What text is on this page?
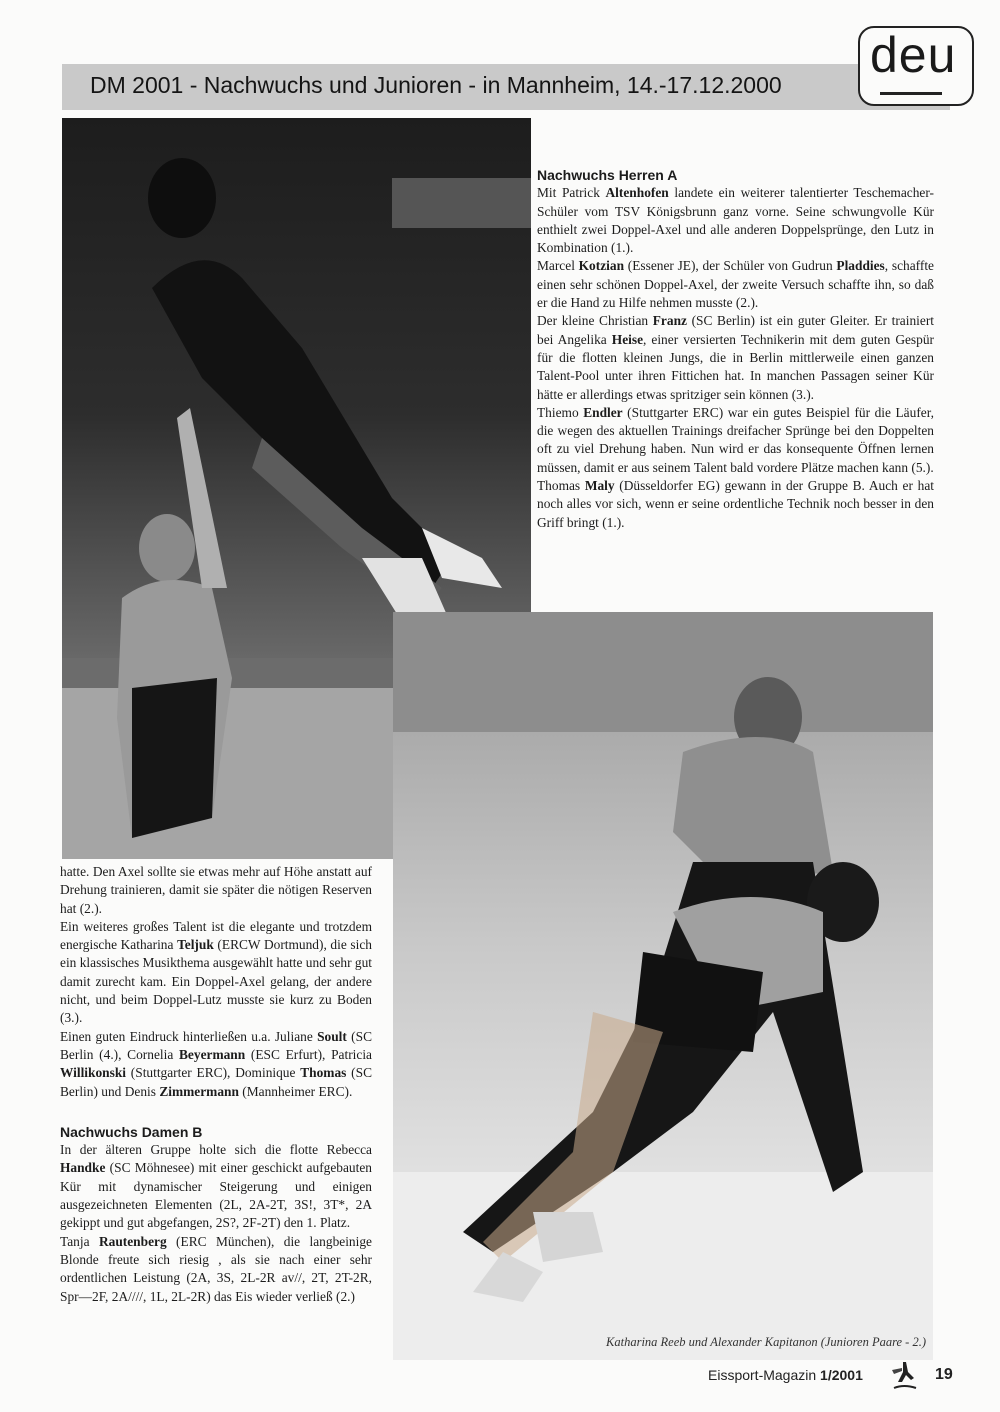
DM 2001 - Nachwuchs und Junioren - in Mannheim, 14.-17.12.2000
deu

Nachwuchs Herren A

Mit Patrick Altenhofen landete ein weiterer talentierter Teschemacher-Schüler vom TSV Königsbrunn ganz vorne. Seine schwungvolle Kür enthielt zwei Doppel-Axel und alle anderen Doppelsprünge, den Lutz in Kombination (1.).

Marcel Kotzian (Essener JE), der Schüler von Gudrun Pladdies, schaffte einen sehr schönen Doppel-Axel, der zweite Versuch schaffte ihn, so daß er die Hand zu Hilfe nehmen musste (2.).

Der kleine Christian Franz (SC Berlin) ist ein guter Gleiter. Er trainiert bei Angelika Heise, einer versierten Technikerin mit dem guten Gespür für die flotten kleinen Jungs, die in Berlin mittlerweile einen ganzen Talent-Pool unter ihren Fittichen hat. In manchen Passagen seiner Kür hätte er allerdings etwas spritziger sein können (3.).

Thiemo Endler (Stuttgarter ERC) war ein gutes Beispiel für die Läufer, die wegen des aktuellen Trainings dreifacher Sprünge bei den Doppelten oft zu viel Drehung haben. Nun wird er das konsequente Öffnen lernen müssen, damit er aus seinem Talent bald vordere Plätze machen kann (5.).

Thomas Maly (Düsseldorfer EG) gewann in der Gruppe B. Auch er hat noch alles vor sich, wenn er seine ordentliche Technik noch besser in den Griff bringt (1.).

hatte. Den Axel sollte sie etwas mehr auf Höhe anstatt auf Drehung trainieren, damit sie später die nötigen Reserven hat (2.).

Ein weiteres großes Talent ist die elegante und trotzdem energische Katharina Teljuk (ERCW Dortmund), die sich ein klassisches Musikthema ausgewählt hatte und sehr gut damit zurecht kam. Ein Doppel-Axel gelang, der andere nicht, und beim Doppel-Lutz musste sie kurz zu Boden (3.).

Einen guten Eindruck hinterließen u.a. Juliane Soult (SC Berlin (4.), Cornelia Beyermann (ESC Erfurt), Patricia Willikonski (Stuttgarter ERC), Dominique Thomas (SC Berlin) und Denis Zimmermann (Mannheimer ERC).

Nachwuchs Damen B

In der älteren Gruppe holte sich die flotte Rebecca Handke (SC Möhnesee) mit einer geschickt aufgebauten Kür mit dynamischer Steigerung und einigen ausgezeichneten Elementen (2L, 2A-2T, 3S!, 3T*, 2A gekippt und gut abgefangen, 2S?, 2F-2T) den 1. Platz.

Tanja Rautenberg (ERC München), die langbeinige Blonde freute sich riesig , als sie nach einer sehr ordentlichen Leistung (2A, 3S, 2L-2R av//, 2T, 2T-2R, Spr—2F, 2A////, 1L, 2L-2R) das Eis wieder verließ (2.)

Katharina Reeb und Alexander Kapitanon (Junioren Paare - 2.)
Eissport-Magazin 1/2001	19
